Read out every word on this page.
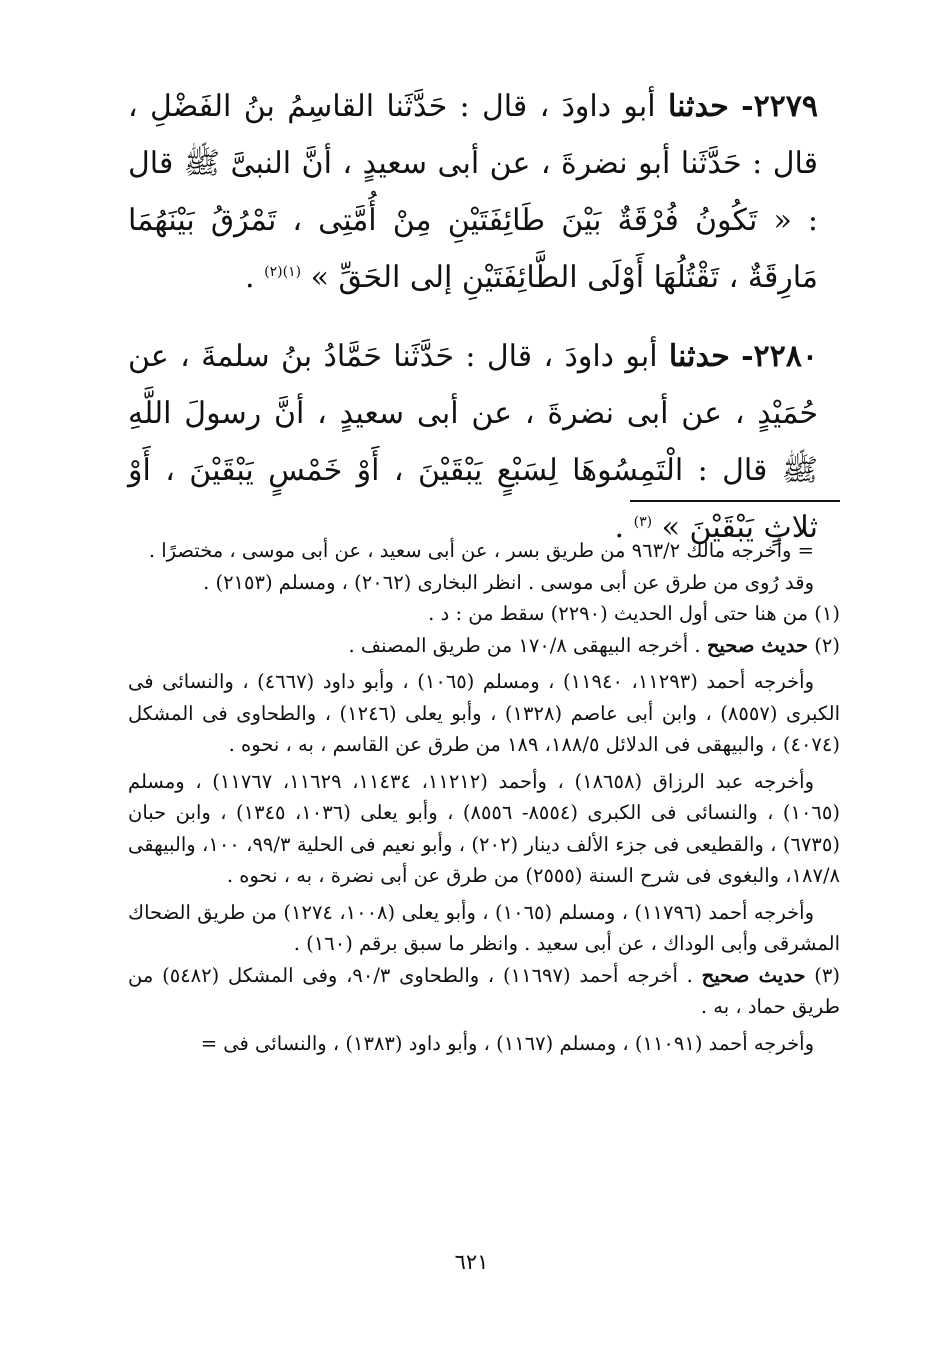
٢٢٧٩- حدثنا أبو داودَ ، قال : حَدَّثَنا القاسِمُ بنُ الفَضْلِ ، قال : حَدَّثَنا أبو نضرةَ ، عن أبى سعيدٍ ، أنَّ النبىَّ ﷺ قال : « تَكُونُ فُرْقَةٌ بَيْنَ طَائِفَتَيْنِ مِنْ أُمَّتِى ، تَمْرُقُ بَيْنَهُمَا مَارِقَةٌ ، تَقْتُلُهَا أَوْلَى الطَّائِفَتَيْنِ إلى الحَقِّ » $^{(١)(٢)}$ .

٢٢٨٠- حدثنا أبو داودَ ، قال : حَدَّثَنا حَمَّادُ بنُ سلمةَ ، عن حُمَيْدٍ ، عن أبى نضرةَ ، عن أبى سعيدٍ ، أنَّ رسولَ اللَّهِ ﷺ قال : الْتَمِسُوهَا لِسَبْعٍ يَبْقَيْنَ ، أَوْ خَمْسٍ يَبْقَيْنَ ، أَوْ ثلاثٍ يَبْقَيْنَ » $^{(٣)}$ .

= وأخرجه مالك ٩٦٣/٢ من طريق بسر ، عن أبى سعيد ، عن أبى موسى ، مختصرًا .

وقد رُوى من طرق عن أبى موسى . انظر البخارى (٢٠٦٢) ، ومسلم (٢١٥٣) .

(١) من هنا حتى أول الحديث (٢٢٩٠) سقط من : د .

(٢) حديث صحيح . أخرجه البيهقى ١٧٠/٨ من طريق المصنف .

وأخرجه أحمد (١١٢٩٣، ١١٩٤٠) ، ومسلم (١٠٦٥) ، وأبو داود (٤٦٦٧) ، والنسائى فى الكبرى (٨٥٥٧) ، وابن أبى عاصم (١٣٢٨) ، وأبو يعلى (١٢٤٦) ، والطحاوى فى المشكل (٤٠٧٤) ، والبيهقى فى الدلائل ١٨٨/٥، ١٨٩ من طرق عن القاسم ، به ، نحوه .

وأخرجه عبد الرزاق (١٨٦٥٨) ، وأحمد (١١٢١٢، ١١٤٣٤، ١١٦٢٩، ١١٧٦٧) ، ومسلم (١٠٦٥) ، والنسائى فى الكبرى (٨٥٥٤- ٨٥٥٦) ، وأبو يعلى (١٠٣٦، ١٣٤٥) ، وابن حبان (٦٧٣٥) ، والقطيعى فى جزء الألف دينار (٢٠٢) ، وأبو نعيم فى الحلية ٩٩/٣، ١٠٠، والبيهقى ١٨٧/٨، والبغوى فى شرح السنة (٢٥٥٥) من طرق عن أبى نضرة ، به ، نحوه .

وأخرجه أحمد (١١٧٩٦) ، ومسلم (١٠٦٥) ، وأبو يعلى (١٠٠٨، ١٢٧٤) من طريق الضحاك المشرقى وأبى الوداك ، عن أبى سعيد . وانظر ما سبق برقم (١٦٠) .

(٣) حديث صحيح . أخرجه أحمد (١١٦٩٧) ، والطحاوى ٩٠/٣، وفى المشكل (٥٤٨٢) من طريق حماد ، به .

وأخرجه أحمد (١١٠٩١) ، ومسلم (١١٦٧) ، وأبو داود (١٣٨٣) ، والنسائى فى =

٦٢١
